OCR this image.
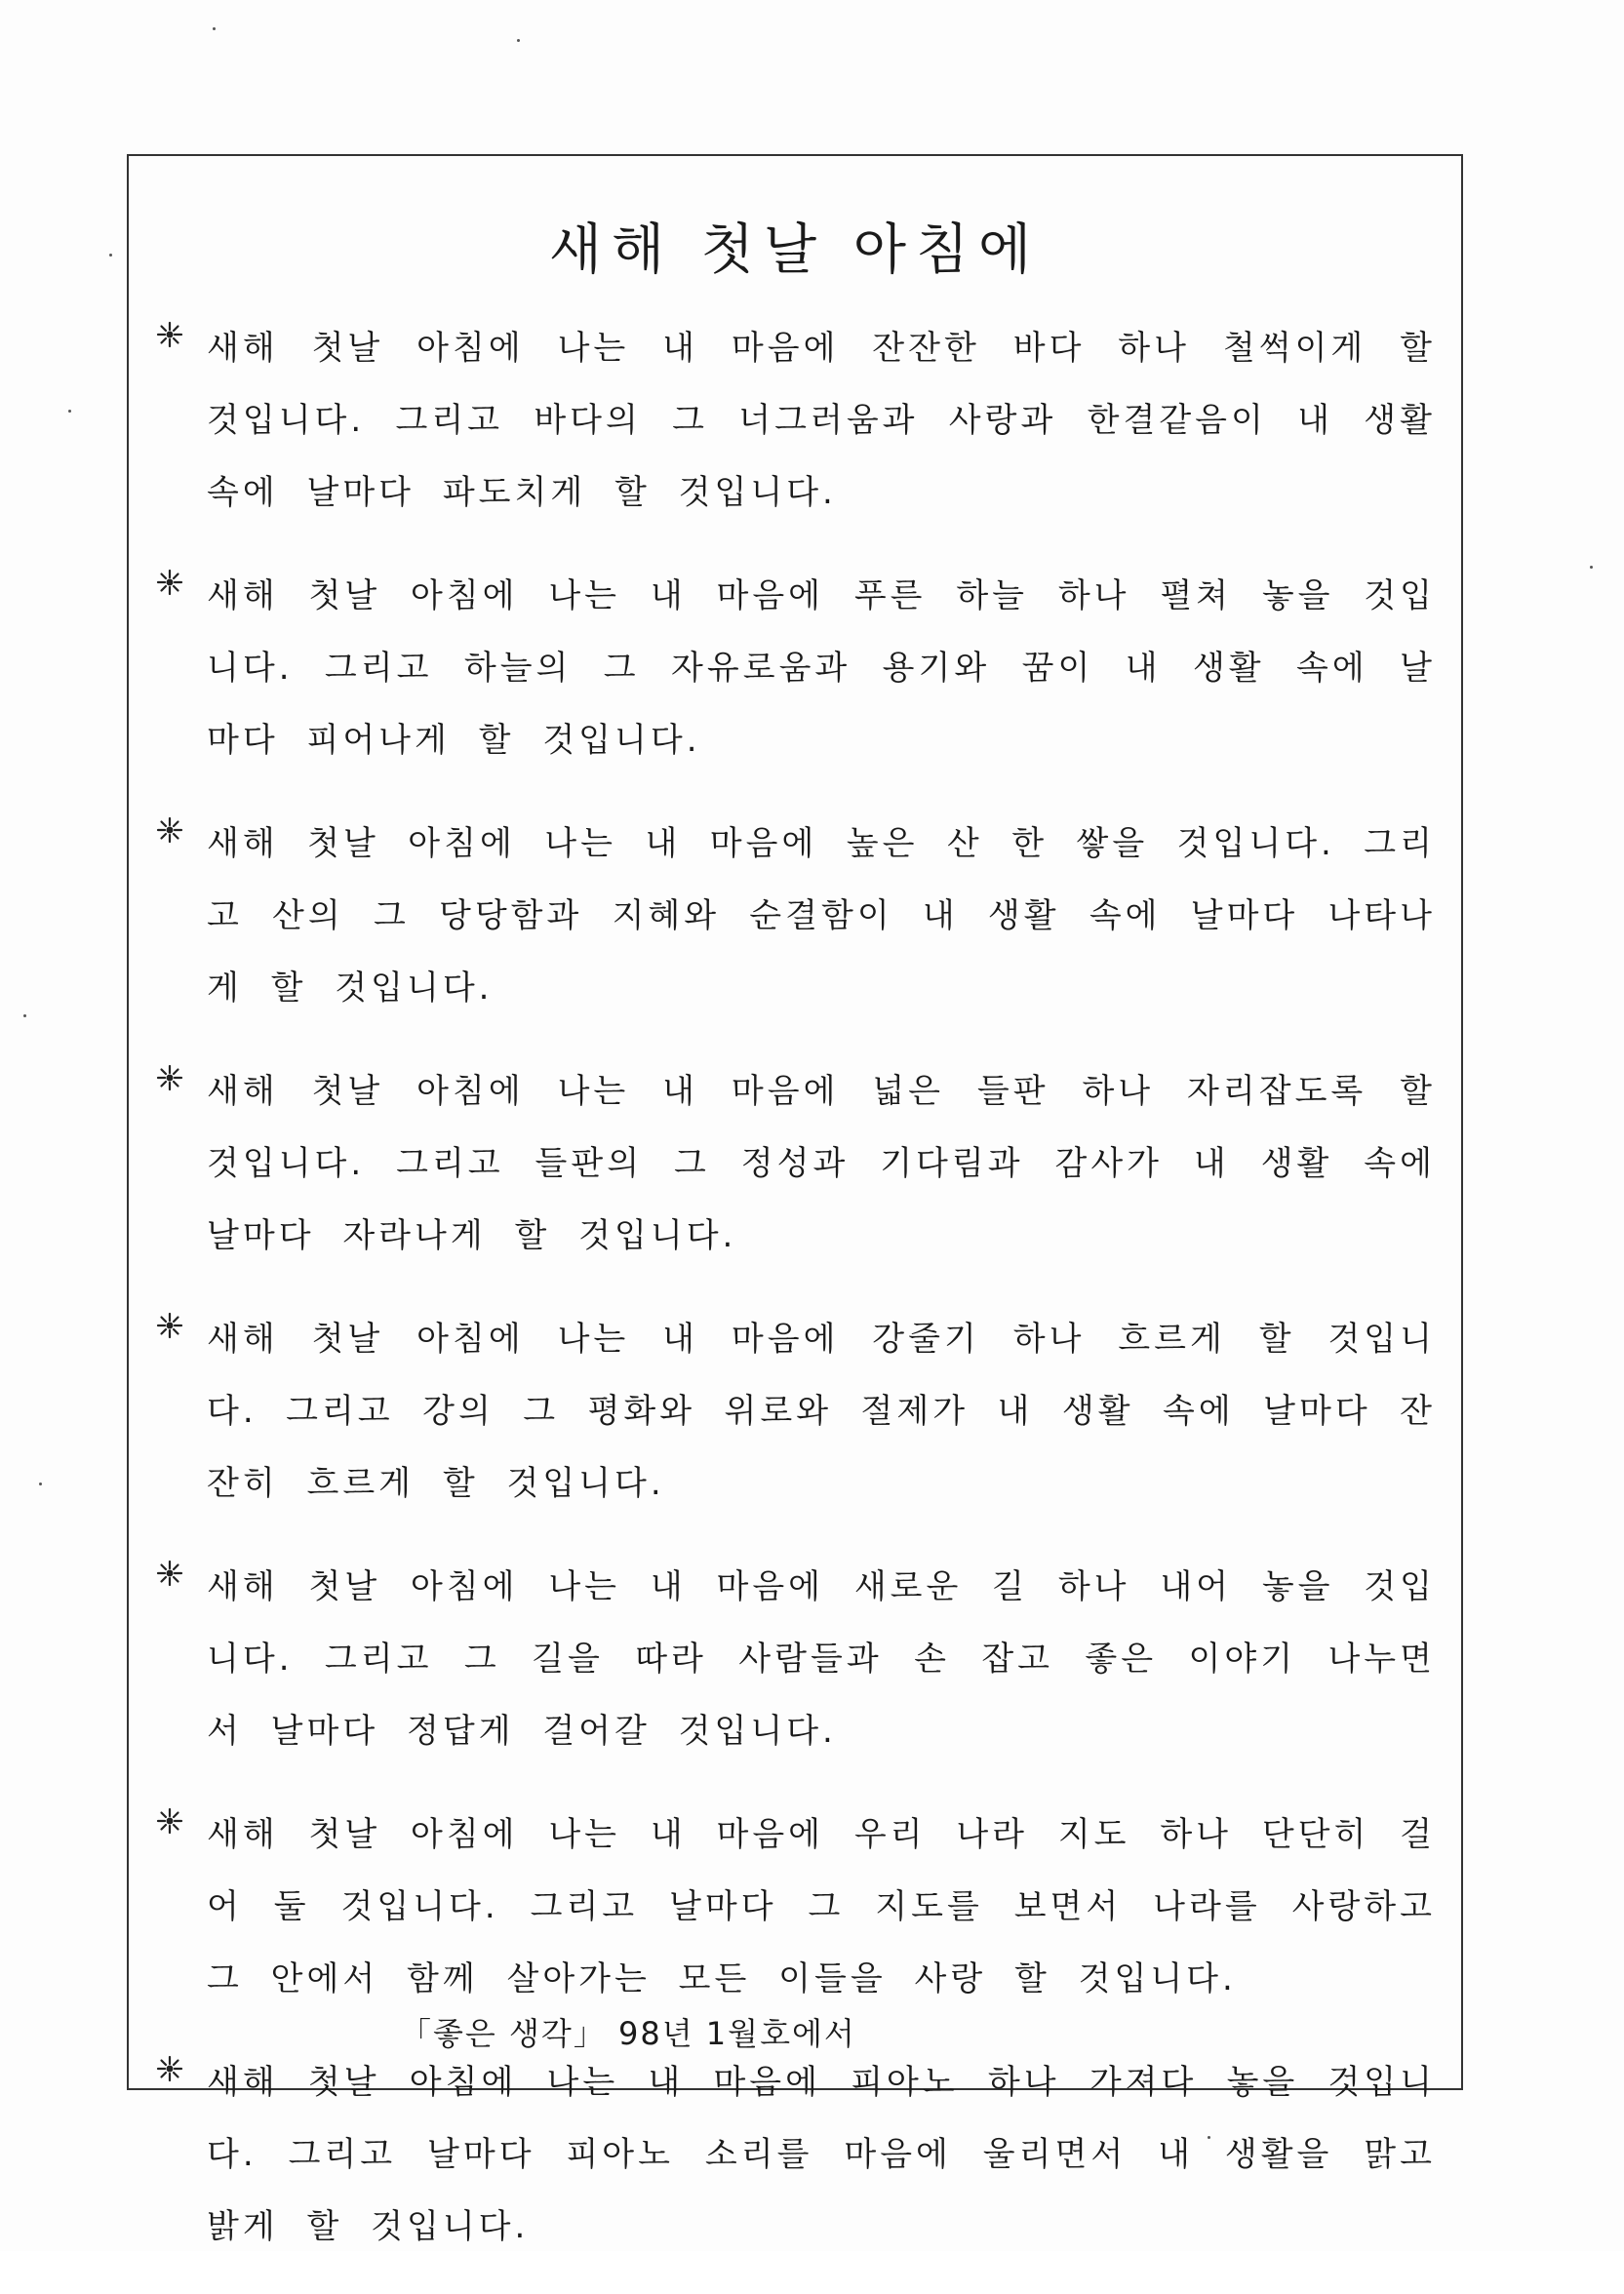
새해 첫날 아침에

새해 첫날 아침에 나는 내 마음에 잔잔한 바다 하나 철썩이게 할 것입니다. 그리고 바다의 그 너그러움과 사랑과 한결같음이 내 생활 속에 날마다 파도치게 할 것입니다.

새해 첫날 아침에 나는 내 마음에 푸른 하늘 하나 펼쳐 놓을 것입니다. 그리고 하늘의 그 자유로움과 용기와 꿈이 내 생활 속에 날마다 피어나게 할 것입니다.

새해 첫날 아침에 나는 내 마음에 높은 산 한 쌓을 것입니다. 그리고 산의 그 당당함과 지혜와 순결함이 내 생활 속에 날마다 나타나게 할 것입니다.

새해 첫날 아침에 나는 내 마음에 넓은 들판 하나 자리잡도록 할 것입니다. 그리고 들판의 그 정성과 기다림과 감사가 내 생활 속에 날마다 자라나게 할 것입니다.

새해 첫날 아침에 나는 내 마음에 강줄기 하나 흐르게 할 것입니다. 그리고 강의 그 평화와 위로와 절제가 내 생활 속에 날마다 잔잔히 흐르게 할 것입니다.

새해 첫날 아침에 나는 내 마음에 새로운 길 하나 내어 놓을 것입니다. 그리고 그 길을 따라 사람들과 손 잡고 좋은 이야기 나누면서 날마다 정답게 걸어갈 것입니다.

새해 첫날 아침에 나는 내 마음에 우리 나라 지도 하나 단단히 걸어 둘 것입니다. 그리고 날마다 그 지도를 보면서 나라를 사랑하고 그 안에서 함께 살아가는 모든 이들을 사랑 할 것입니다.

새해 첫날 아침에 나는 내 마음에 피아노 하나 가져다 놓을 것입니다. 그리고 날마다 피아노 소리를 마음에 울리면서 내 생활을 맑고 밝게 할 것입니다.

「좋은 생각」 98년 1월호에서
